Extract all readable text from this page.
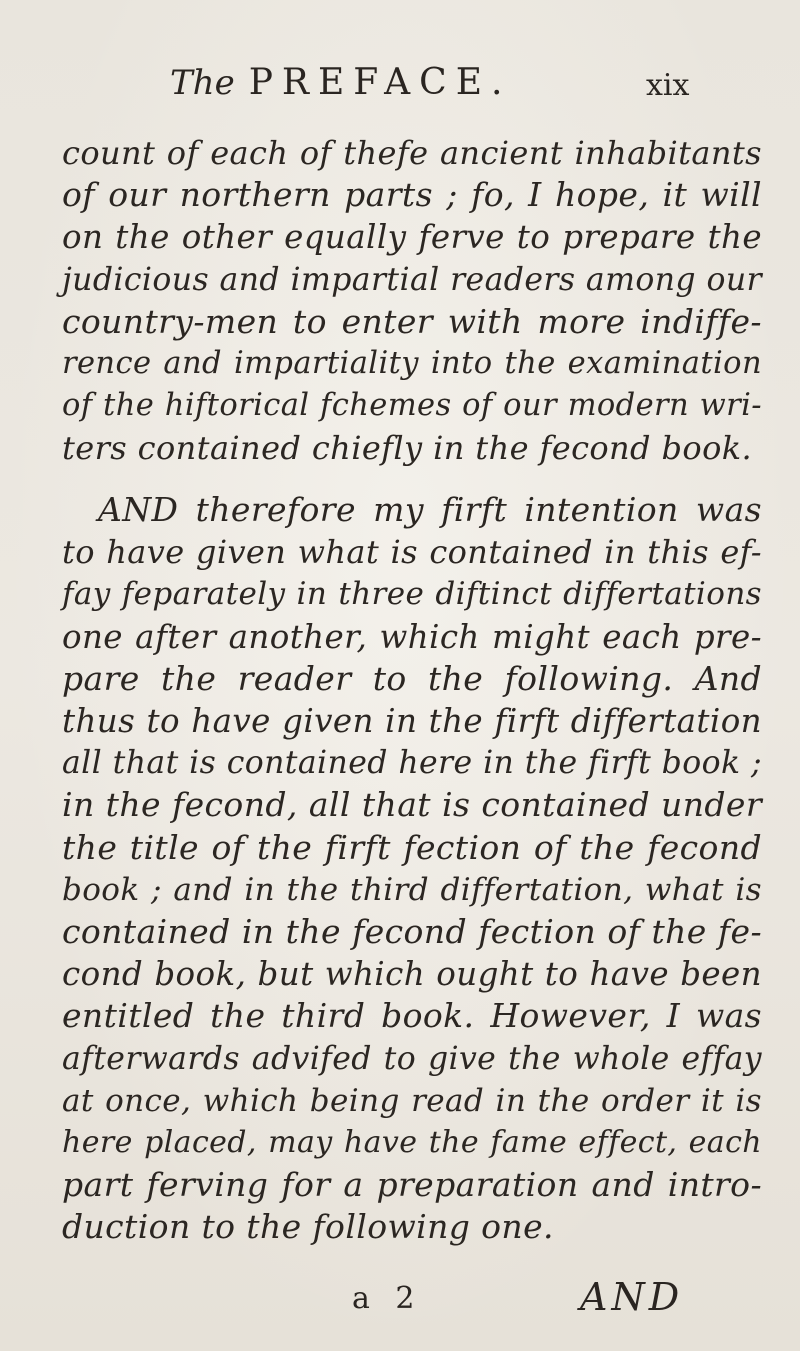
The PREFACE.	xix
count of each of thefe ancient inhabitants
of our northern parts ; fo, I hope, it will
on the other equally ferve to prepare the
judicious and impartial readers among our
country-men to enter with more indiffe-
rence and impartiality into the examination
of the hiftorical fchemes of our modern wri-
ters contained chiefly in the fecond book.
AND therefore my firft intention was
to have given what is contained in this ef-
fay feparately in three diftinct differtations
one after another, which might each pre-
pare the reader to the following. And
thus to have given in the firft differtation
all that is contained here in the firft book ;
in the fecond, all that is contained under
the title of the firft fection of the fecond
book ; and in the third differtation, what is
contained in the fecond fection of the fe-
cond book, but which ought to have been
entitled the third book. However, I was
afterwards advifed to give the whole effay
at once, which being read in the order it is
here placed, may have the fame effect, each
part ferving for a preparation and intro-
duction to the following one.
a 2	AND
